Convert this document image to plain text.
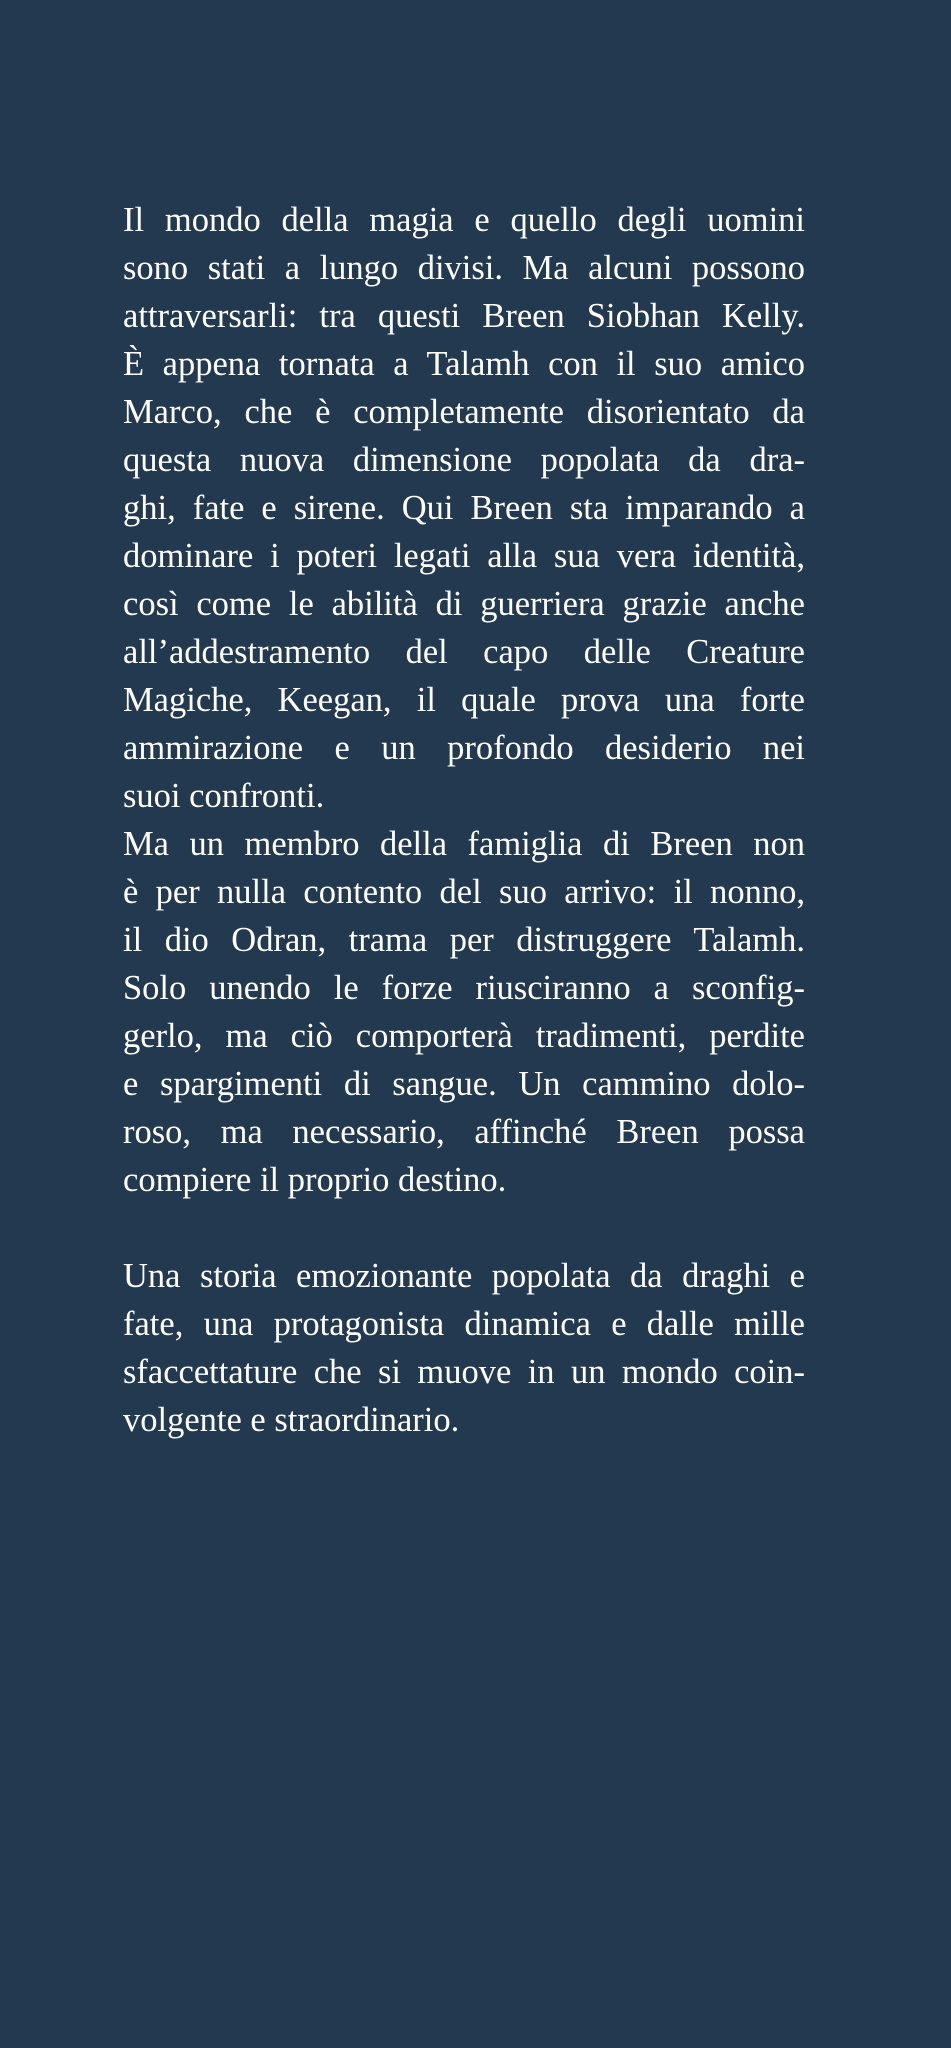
Il mondo della magia e quello degli uomini
sono stati a lungo divisi. Ma alcuni possono
attraversarli: tra questi Breen Siobhan Kelly.
È appena tornata a Talamh con il suo amico
Marco, che è completamente disorientato da
questa nuova dimensione popolata da dra-
ghi, fate e sirene. Qui Breen sta imparando a
dominare i poteri legati alla sua vera identità,
così come le abilità di guerriera grazie anche
all’addestramento del capo delle Creature
Magiche, Keegan, il quale prova una forte
ammirazione e un profondo desiderio nei
suoi confronti.
Ma un membro della famiglia di Breen non
è per nulla contento del suo arrivo: il nonno,
il dio Odran, trama per distruggere Talamh.
Solo unendo le forze riusciranno a sconfig-
gerlo, ma ciò comporterà tradimenti, perdite
e spargimenti di sangue. Un cammino dolo-
roso, ma necessario, affinché Breen possa
compiere il proprio destino.
Una storia emozionante popolata da draghi e
fate, una protagonista dinamica e dalle mille
sfaccettature che si muove in un mondo coin-
volgente e straordinario.
